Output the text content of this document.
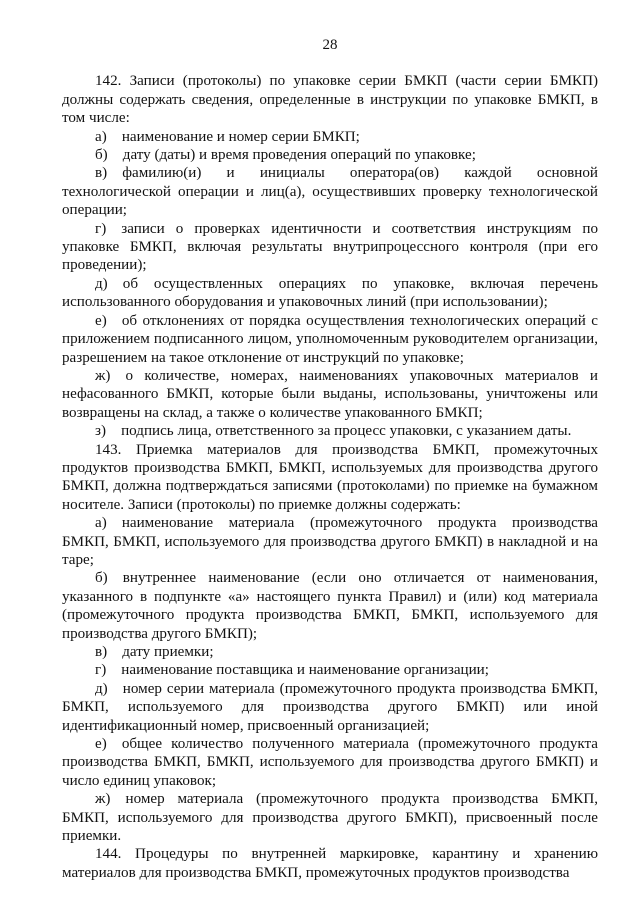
28

142. Записи (протоколы) по упаковке серии БМКП (части серии БМКП) должны содержать сведения, определенные в инструкции по упаковке БМКП, в том числе:

а) наименование и номер серии БМКП;

б) дату (даты) и время проведения операций по упаковке;

в) фамилию(и) и инициалы оператора(ов) каждой основной технологической операции и лиц(а), осуществивших проверку технологической операции;

г) записи о проверках идентичности и соответствия инструкциям по упаковке БМКП, включая результаты внутрипроцессного контроля (при его проведении);

д) об осуществленных операциях по упаковке, включая перечень использованного оборудования и упаковочных линий (при использовании);

е) об отклонениях от порядка осуществления технологических операций с приложением подписанного лицом, уполномоченным руководителем организации, разрешением на такое отклонение от инструкций по упаковке;

ж) о количестве, номерах, наименованиях упаковочных материалов и нефасованного БМКП, которые были выданы, использованы, уничтожены или возвращены на склад, а также о количестве упакованного БМКП;

з) подпись лица, ответственного за процесс упаковки, с указанием даты.

143. Приемка материалов для производства БМКП, промежуточных продуктов производства БМКП, БМКП, используемых для производства другого БМКП, должна подтверждаться записями (протоколами) по приемке на бумажном носителе. Записи (протоколы) по приемке должны содержать:

а) наименование материала (промежуточного продукта производства БМКП, БМКП, используемого для производства другого БМКП) в накладной и на таре;

б) внутреннее наименование (если оно отличается от наименования, указанного в подпункте «а» настоящего пункта Правил) и (или) код материала (промежуточного продукта производства БМКП, БМКП, используемого для производства другого БМКП);

в) дату приемки;

г) наименование поставщика и наименование организации;

д) номер серии материала (промежуточного продукта производства БМКП, БМКП, используемого для производства другого БМКП) или иной идентификационный номер, присвоенный организацией;

е) общее количество полученного материала (промежуточного продукта производства БМКП, БМКП, используемого для производства другого БМКП) и число единиц упаковок;

ж) номер материала (промежуточного продукта производства БМКП, БМКП, используемого для производства другого БМКП), присвоенный после приемки.

144. Процедуры по внутренней маркировке, карантину и хранению материалов для производства БМКП, промежуточных продуктов производства
